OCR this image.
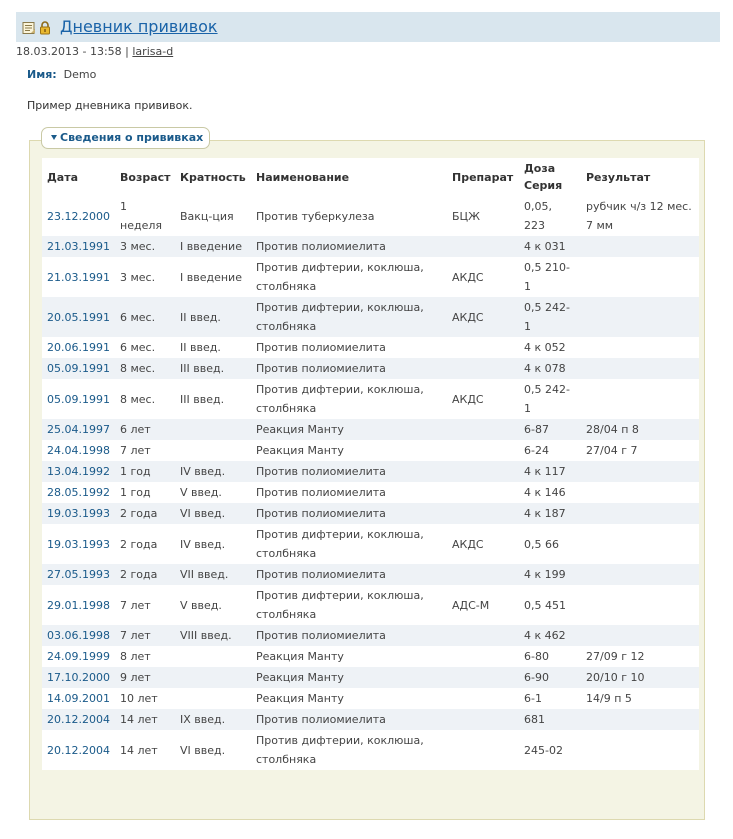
Дневник прививок
18.03.2013 - 13:58 | larisa-d
Имя: Demo
Пример дневника прививок.
Сведения о прививках
Дата	Возраст	Кратность	Наименование	Препарат	Доза Серия	Результат
23.12.2000	1 неделя	Вакц-ция	Против туберкулеза	БЦЖ	0,05, 223	рубчик ч/з 12 мес. 7 мм
21.03.1991	3 мес.	I введение	Против полиомиелита		4 к 031	
21.03.1991	3 мес.	I введение	Против дифтерии, коклюша, столбняка	АКДС	0,5 210-1	
20.05.1991	6 мес.	II введ.	Против дифтерии, коклюша, столбняка	АКДС	0,5 242-1	
20.06.1991	6 мес.	II введ.	Против полиомиелита		4 к 052	
05.09.1991	8 мес.	III введ.	Против полиомиелита		4 к 078	
05.09.1991	8 мес.	III введ.	Против дифтерии, коклюша, столбняка	АКДС	0,5 242-1	
25.04.1997	6 лет		Реакция Манту		6-87	28/04 п 8
24.04.1998	7 лет		Реакция Манту		6-24	27/04 г 7
13.04.1992	1 год	IV введ.	Против полиомиелита		4 к 117	
28.05.1992	1 год	V введ.	Против полиомиелита		4 к 146	
19.03.1993	2 года	VI введ.	Против полиомиелита		4 к 187	
19.03.1993	2 года	IV введ.	Против дифтерии, коклюша, столбняка	АКДС	0,5 66	
27.05.1993	2 года	VII введ.	Против полиомиелита		4 к 199	
29.01.1998	7 лет	V введ.	Против дифтерии, коклюша, столбняка	АДС-М	0,5 451	
03.06.1998	7 лет	VIII введ.	Против полиомиелита		4 к 462	
24.09.1999	8 лет		Реакция Манту		6-80	27/09 г 12
17.10.2000	9 лет		Реакция Манту		6-90	20/10 г 10
14.09.2001	10 лет		Реакция Манту		6-1	14/9 п 5
20.12.2004	14 лет	IX введ.	Против полиомиелита		681	
20.12.2004	14 лет	VI введ.	Против дифтерии, коклюша, столбняка		245-02	
